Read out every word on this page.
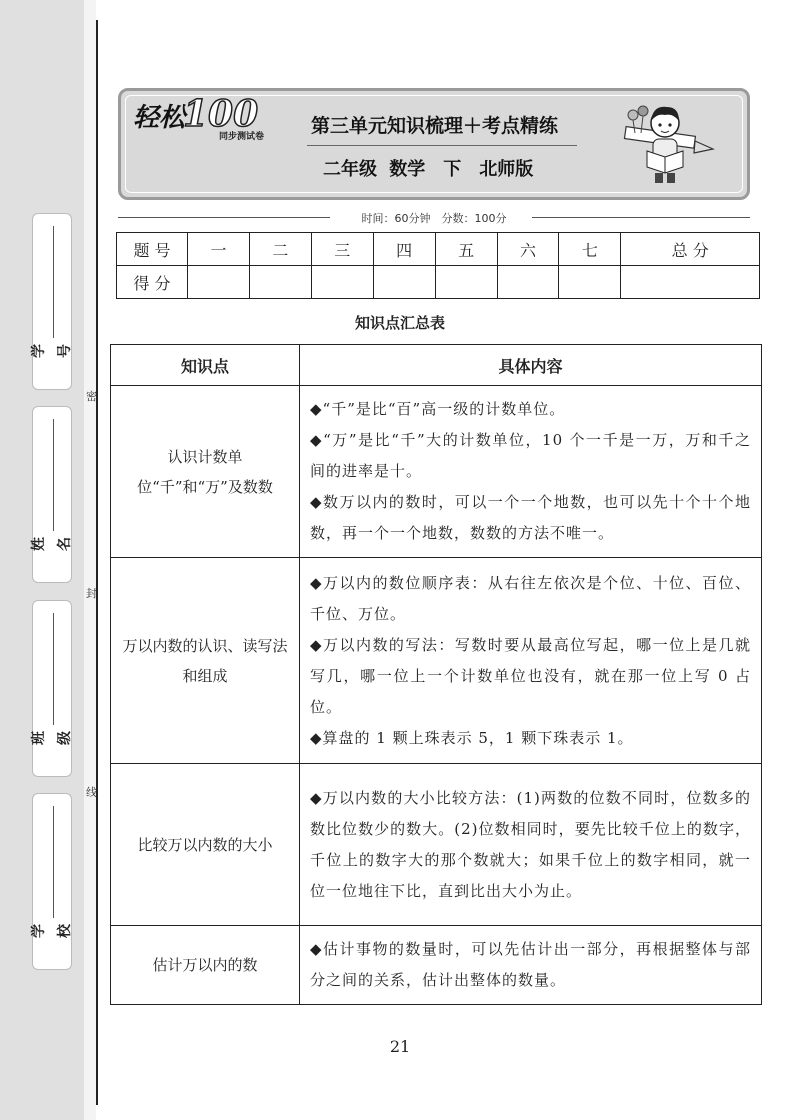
密
封
线
学 号
姓 名
班 级
学 校
轻松
100
同步测试卷 第三单元知识梳理＋考点精练
二年级 数学　下　北师版
时间：60分钟　分数：100分
题 号	一	二	三	四	五	六	七	总 分
得 分								
知识点汇总表
知识点	具体内容
认识计数单位“千”和“万”及数数	◆“千”是比“百”高一级的计数单位。
◆“万”是比“千”大的计数单位，10 个一千是一万，万和千之间的进率是十。
◆数万以内的数时，可以一个一个地数，也可以先十个十个地数，再一个一个地数，数数的方法不唯一。

万以内数的认识、读写法和组成	◆万以内的数位顺序表：从右往左依次是个位、十位、百位、千位、万位。
◆万以内数的写法：写数时要从最高位写起，哪一位上是几就写几，哪一位上一个计数单位也没有，就在那一位上写 0 占位。
◆算盘的 1 颗上珠表示 5，1 颗下珠表示 1。

比较万以内数的大小	◆万以内数的大小比较方法：(1)两数的位数不同时，位数多的数比位数少的数大。(2)位数相同时，要先比较千位上的数字，千位上的数字大的那个数就大；如果千位上的数字相同，就一位一位地往下比，直到比出大小为止。

估计万以内的数	◆估计事物的数量时，可以先估计出一部分，再根据整体与部分之间的关系，估计出整体的数量。
21
